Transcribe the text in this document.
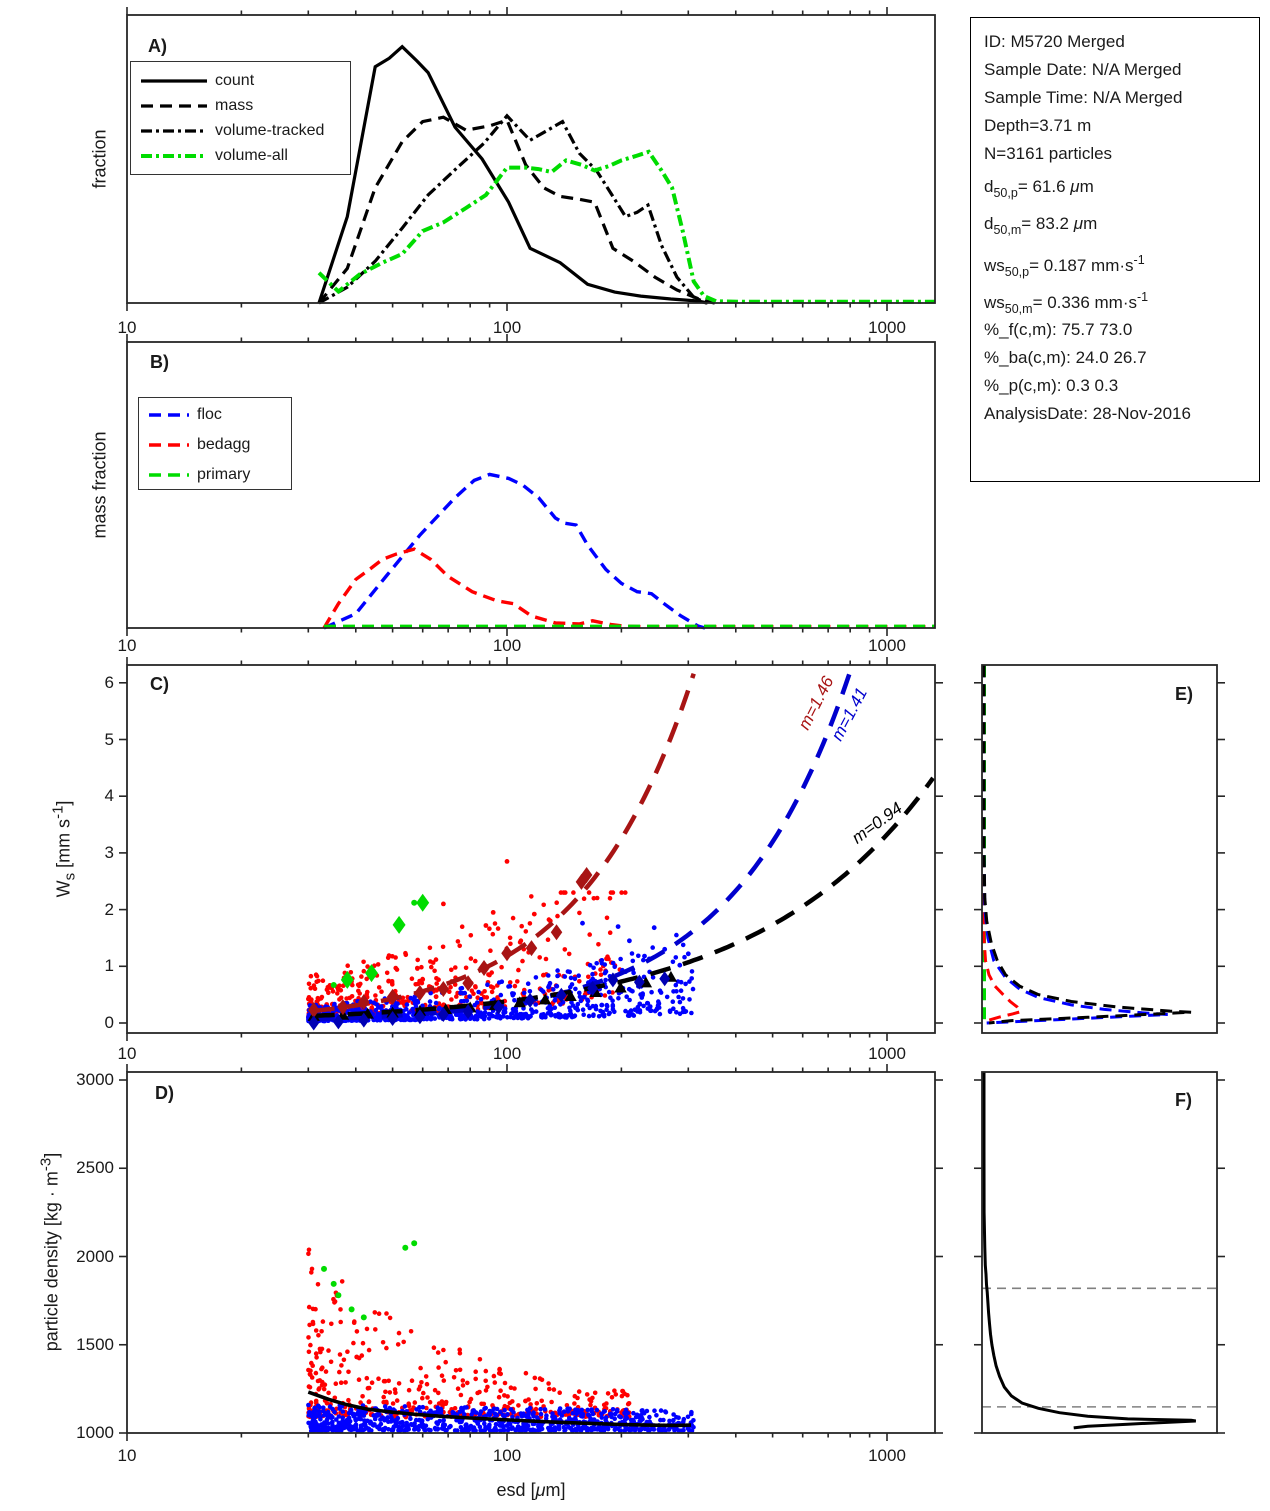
m=1.46
m=1.41
m=0.94
A)
B)
C)
D)
E)
F)
fraction
mass fraction
$W_s$ [mm $s^{-1}$]
particle density $[kg \cdot m^{-3}]$
10	100	1000
10	100	1000
10	100	1000
10	100	1000
0
1
2
3
4
5
6
1000
1500
2000
2500
3000
esd [μm]
count
mass
volume-tracked
volume-all
floc
bedagg
primary
ID: M5720 Merged
Sample Date: N/A Merged
Sample Time: N/A Merged
Depth=3.71 m
N=3161 particles
$d_{50,p}= 61.6$ μm
$d_{50,m}= 83.2$ μm
$ws_{50,p}= 0.187$ $mm\cdot s^{-1}$
$ws_{50,m}= 0.336$ $mm\cdot s^{-1}$
%_f(c,m): 75.7 73.0
%_ba(c,m): 24.0 26.7
%_p(c,m): 0.3 0.3
AnalysisDate: 28-Nov-2016
